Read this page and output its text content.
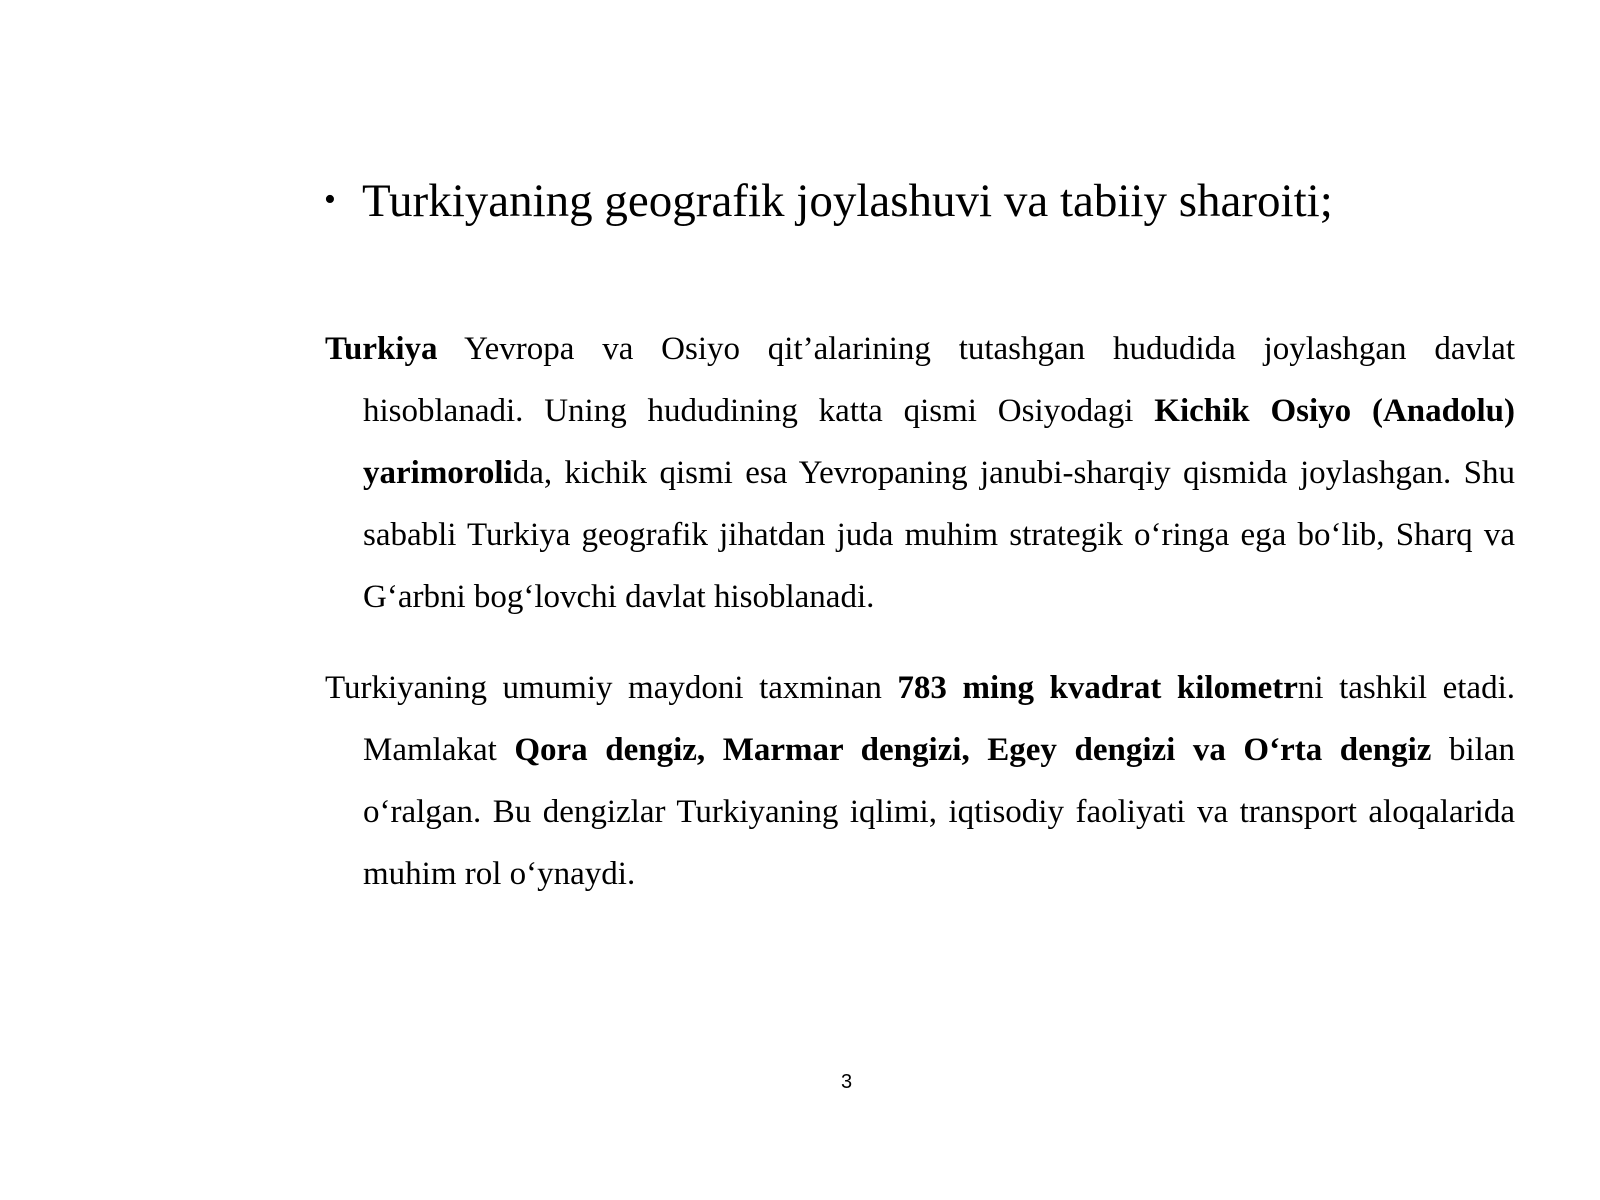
• Turkiyaning geografik joylashuvi va tabiiy sharoiti;

Turkiya Yevropa va Osiyo qit’alarining tutashgan hududida joylashgan davlat hisoblanadi. Uning hududining katta qismi Osiyodagi Kichik Osiyo (Anadolu) yarimorolida, kichik qismi esa Yevropaning janubi-sharqiy qismida joylashgan. Shu sababli Turkiya geografik jihatdan juda muhim strategik o‘ringa ega bo‘lib, Sharq va G‘arbni bog‘lovchi davlat hisoblanadi.

Turkiyaning umumiy maydoni taxminan 783 ming kvadrat kilometrni tashkil etadi. Mamlakat Qora dengiz, Marmar dengizi, Egey dengizi va O‘rta dengiz bilan o‘ralgan. Bu dengizlar Turkiyaning iqlimi, iqtisodiy faoliyati va transport aloqalarida muhim rol o‘ynaydi.

3
